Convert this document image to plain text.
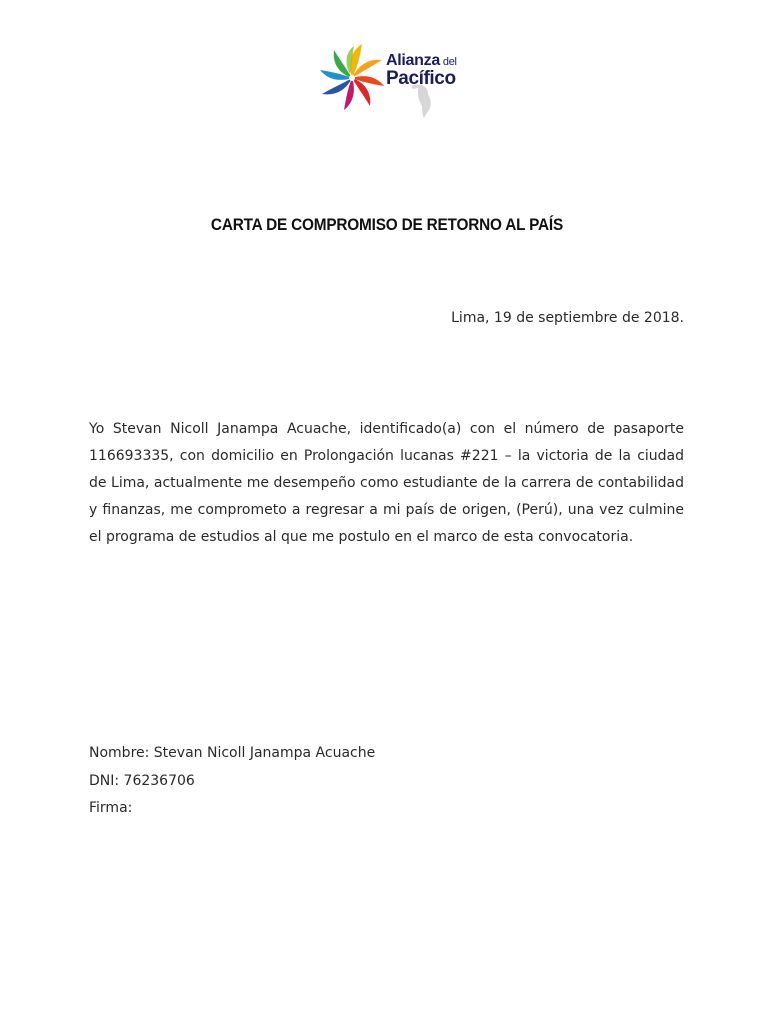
Alianza del
Pacífico
CARTA DE COMPROMISO DE RETORNO AL PAÍS
Lima, 19 de septiembre de 2018.
Yo Stevan Nicoll Janampa Acuache, identificado(a) con el número de pasaporte 116693335, con domicilio en Prolongación lucanas #221 – la victoria de la ciudad de Lima, actualmente me desempeño como estudiante de la carrera de contabilidad y finanzas, me comprometo a regresar a mi país de origen, (Perú), una vez culmine el programa de estudios al que me postulo en el marco de esta convocatoria.
Nombre: Stevan Nicoll Janampa Acuache
DNI: 76236706
Firma:
